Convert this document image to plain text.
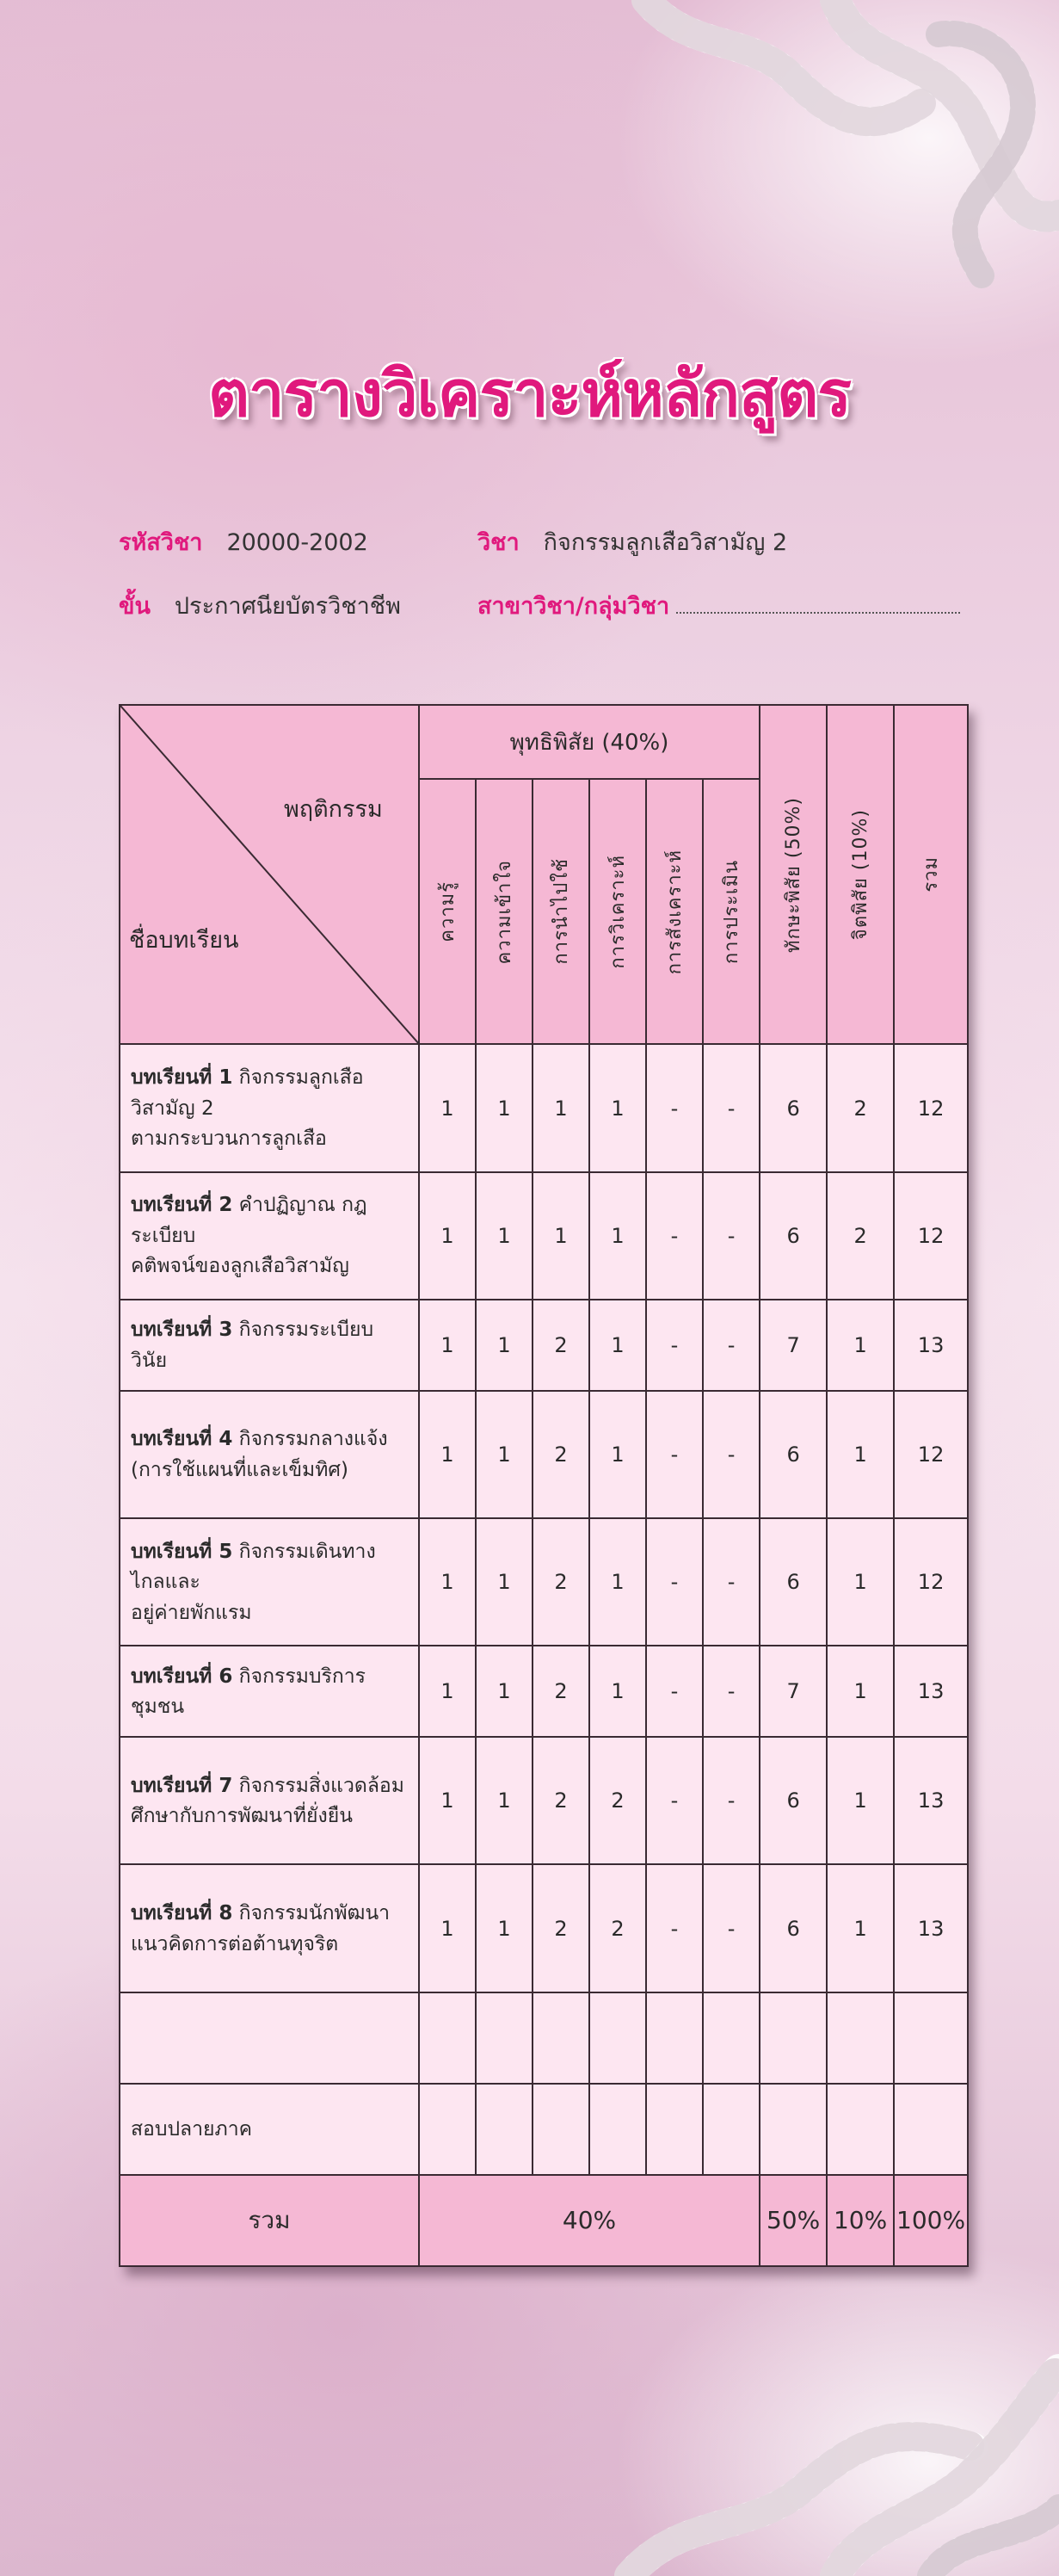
ตารางวิเคราะห์หลักสูตร
รหัสวิชา 20000-2002	วิชา กิจกรรมลูกเสือวิสามัญ 2
ขั้น ประกาศนียบัตรวิชาชีพ	สาขาวิชา/กลุ่มวิชา
พฤติกรรม
ชื่อบทเรียน	พุทธิพิสัย (40%)						ทักษะพิสัย (50%)	จิตพิสัย (10%)	รวม

	ความรู้	ความเข้าใจ	การนำไปใช้	การวิเคราะห์	การสังเคราะห์	การประเมิน			

บทเรียนที่ 1 กิจกรรมลูกเสือวิสามัญ 2
ตามกระบวนการลูกเสือ	1	1	1	1	-	-	6	2	12
บทเรียนที่ 2 คำปฏิญาณ กฎ ระเบียบ
คติพจน์ของลูกเสือวิสามัญ	1	1	1	1	-	-	6	2	12
บทเรียนที่ 3 กิจกรรมระเบียบวินัย	1	1	2	1	-	-	7	1	13
บทเรียนที่ 4 กิจกรรมกลางแจ้ง
(การใช้แผนที่และเข็มทิศ)	1	1	2	1	-	-	6	1	12
บทเรียนที่ 5 กิจกรรมเดินทางไกลและ
อยู่ค่ายพักแรม	1	1	2	1	-	-	6	1	12
บทเรียนที่ 6 กิจกรรมบริการชุมชน	1	1	2	1	-	-	7	1	13
บทเรียนที่ 7 กิจกรรมสิ่งแวดล้อม
ศึกษากับการพัฒนาที่ยั่งยืน	1	1	2	2	-	-	6	1	13
บทเรียนที่ 8 กิจกรรมนักพัฒนา
แนวคิดการต่อต้านทุจริต	1	1	2	2	-	-	6	1	13

สอบปลายภาค									
รวม	40%						50%	10%	100%
